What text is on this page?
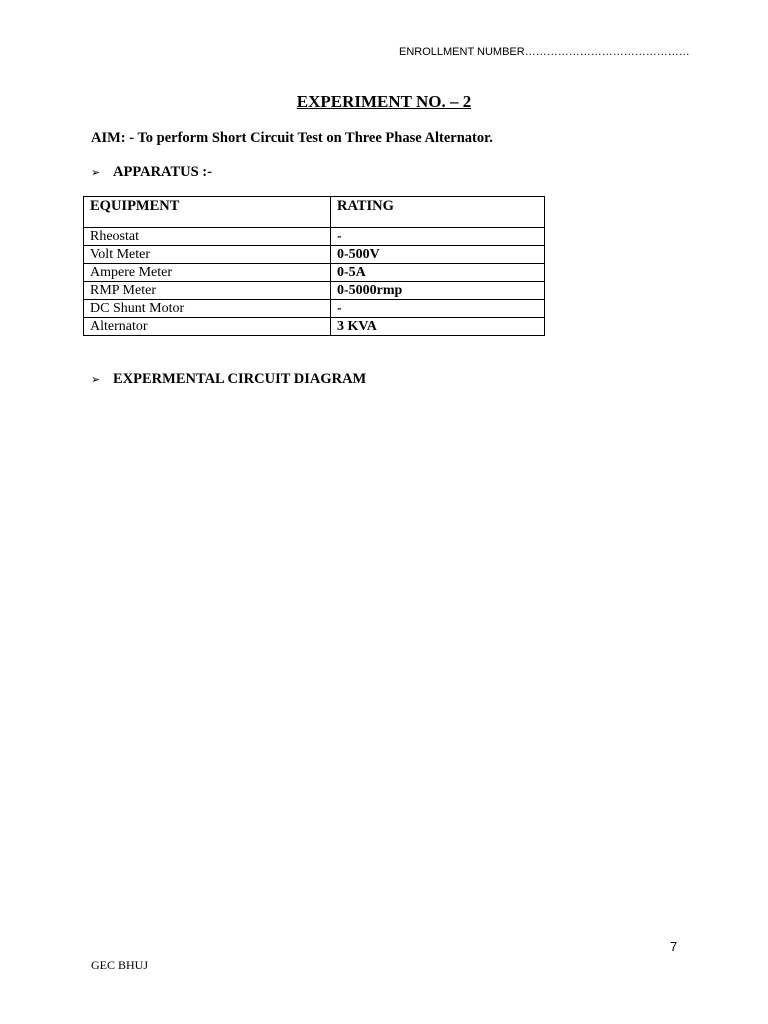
ENROLLMENT NUMBER………………………………………
EXPERIMENT NO. – 2
AIM: - To perform Short Circuit Test on Three Phase Alternator.
➢ APPARATUS :-
EQUIPMENT	RATING
Rheostat	-
Volt Meter	0-500V
Ampere Meter	0-5A
RMP Meter	0-5000rmp
DC Shunt Motor	-
Alternator	3 KVA
➢ EXPERMENTAL CIRCUIT DIAGRAM
7
GEC BHUJ
